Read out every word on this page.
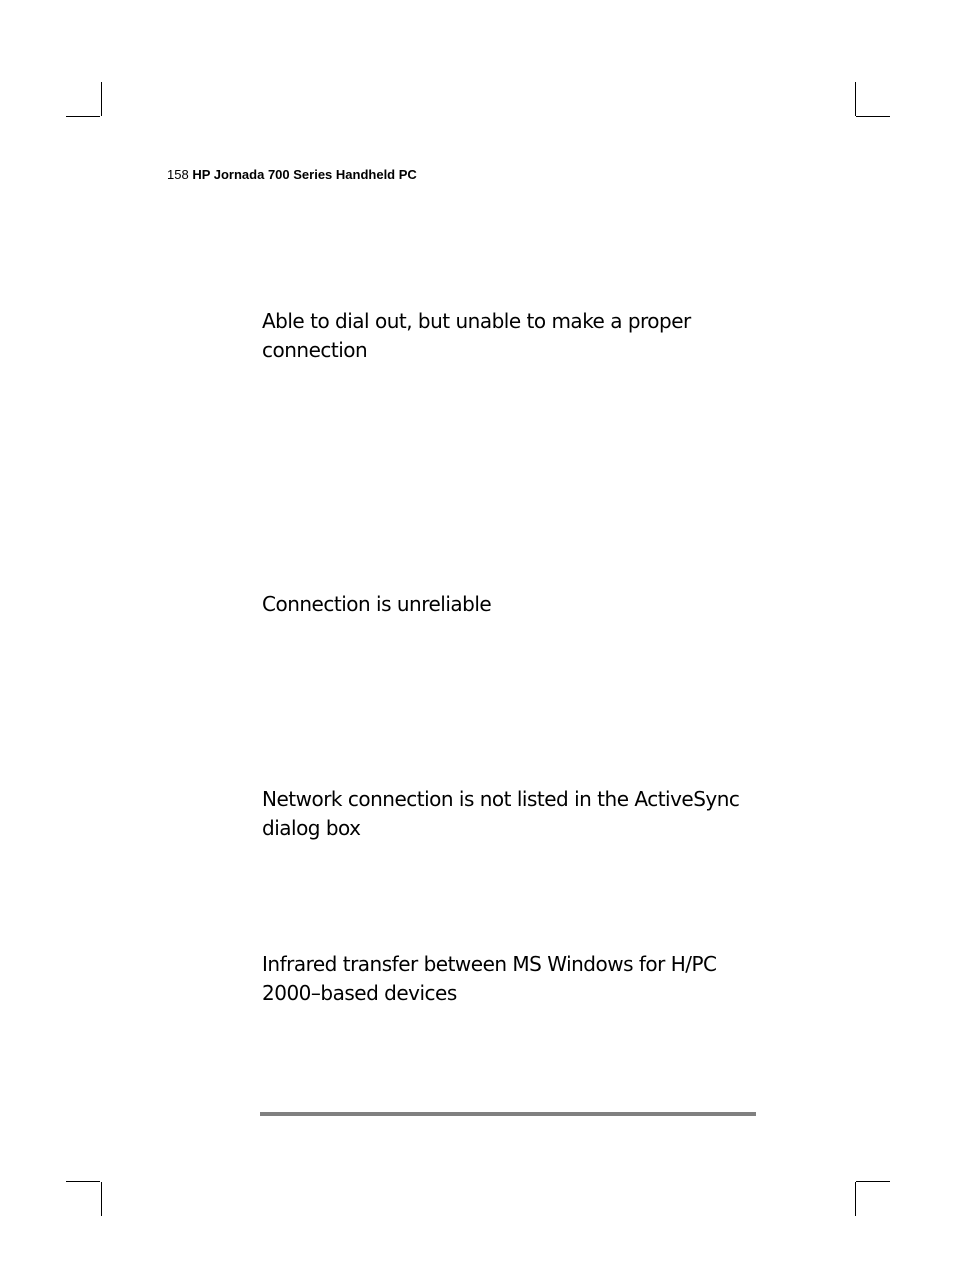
158 HP Jornada 700 Series Handheld PC
Able to dial out, but unable to make a proper connection
Connection is unreliable
Network connection is not listed in the ActiveSync dialog box
Infrared transfer between MS Windows for H/PC 2000–based devices
